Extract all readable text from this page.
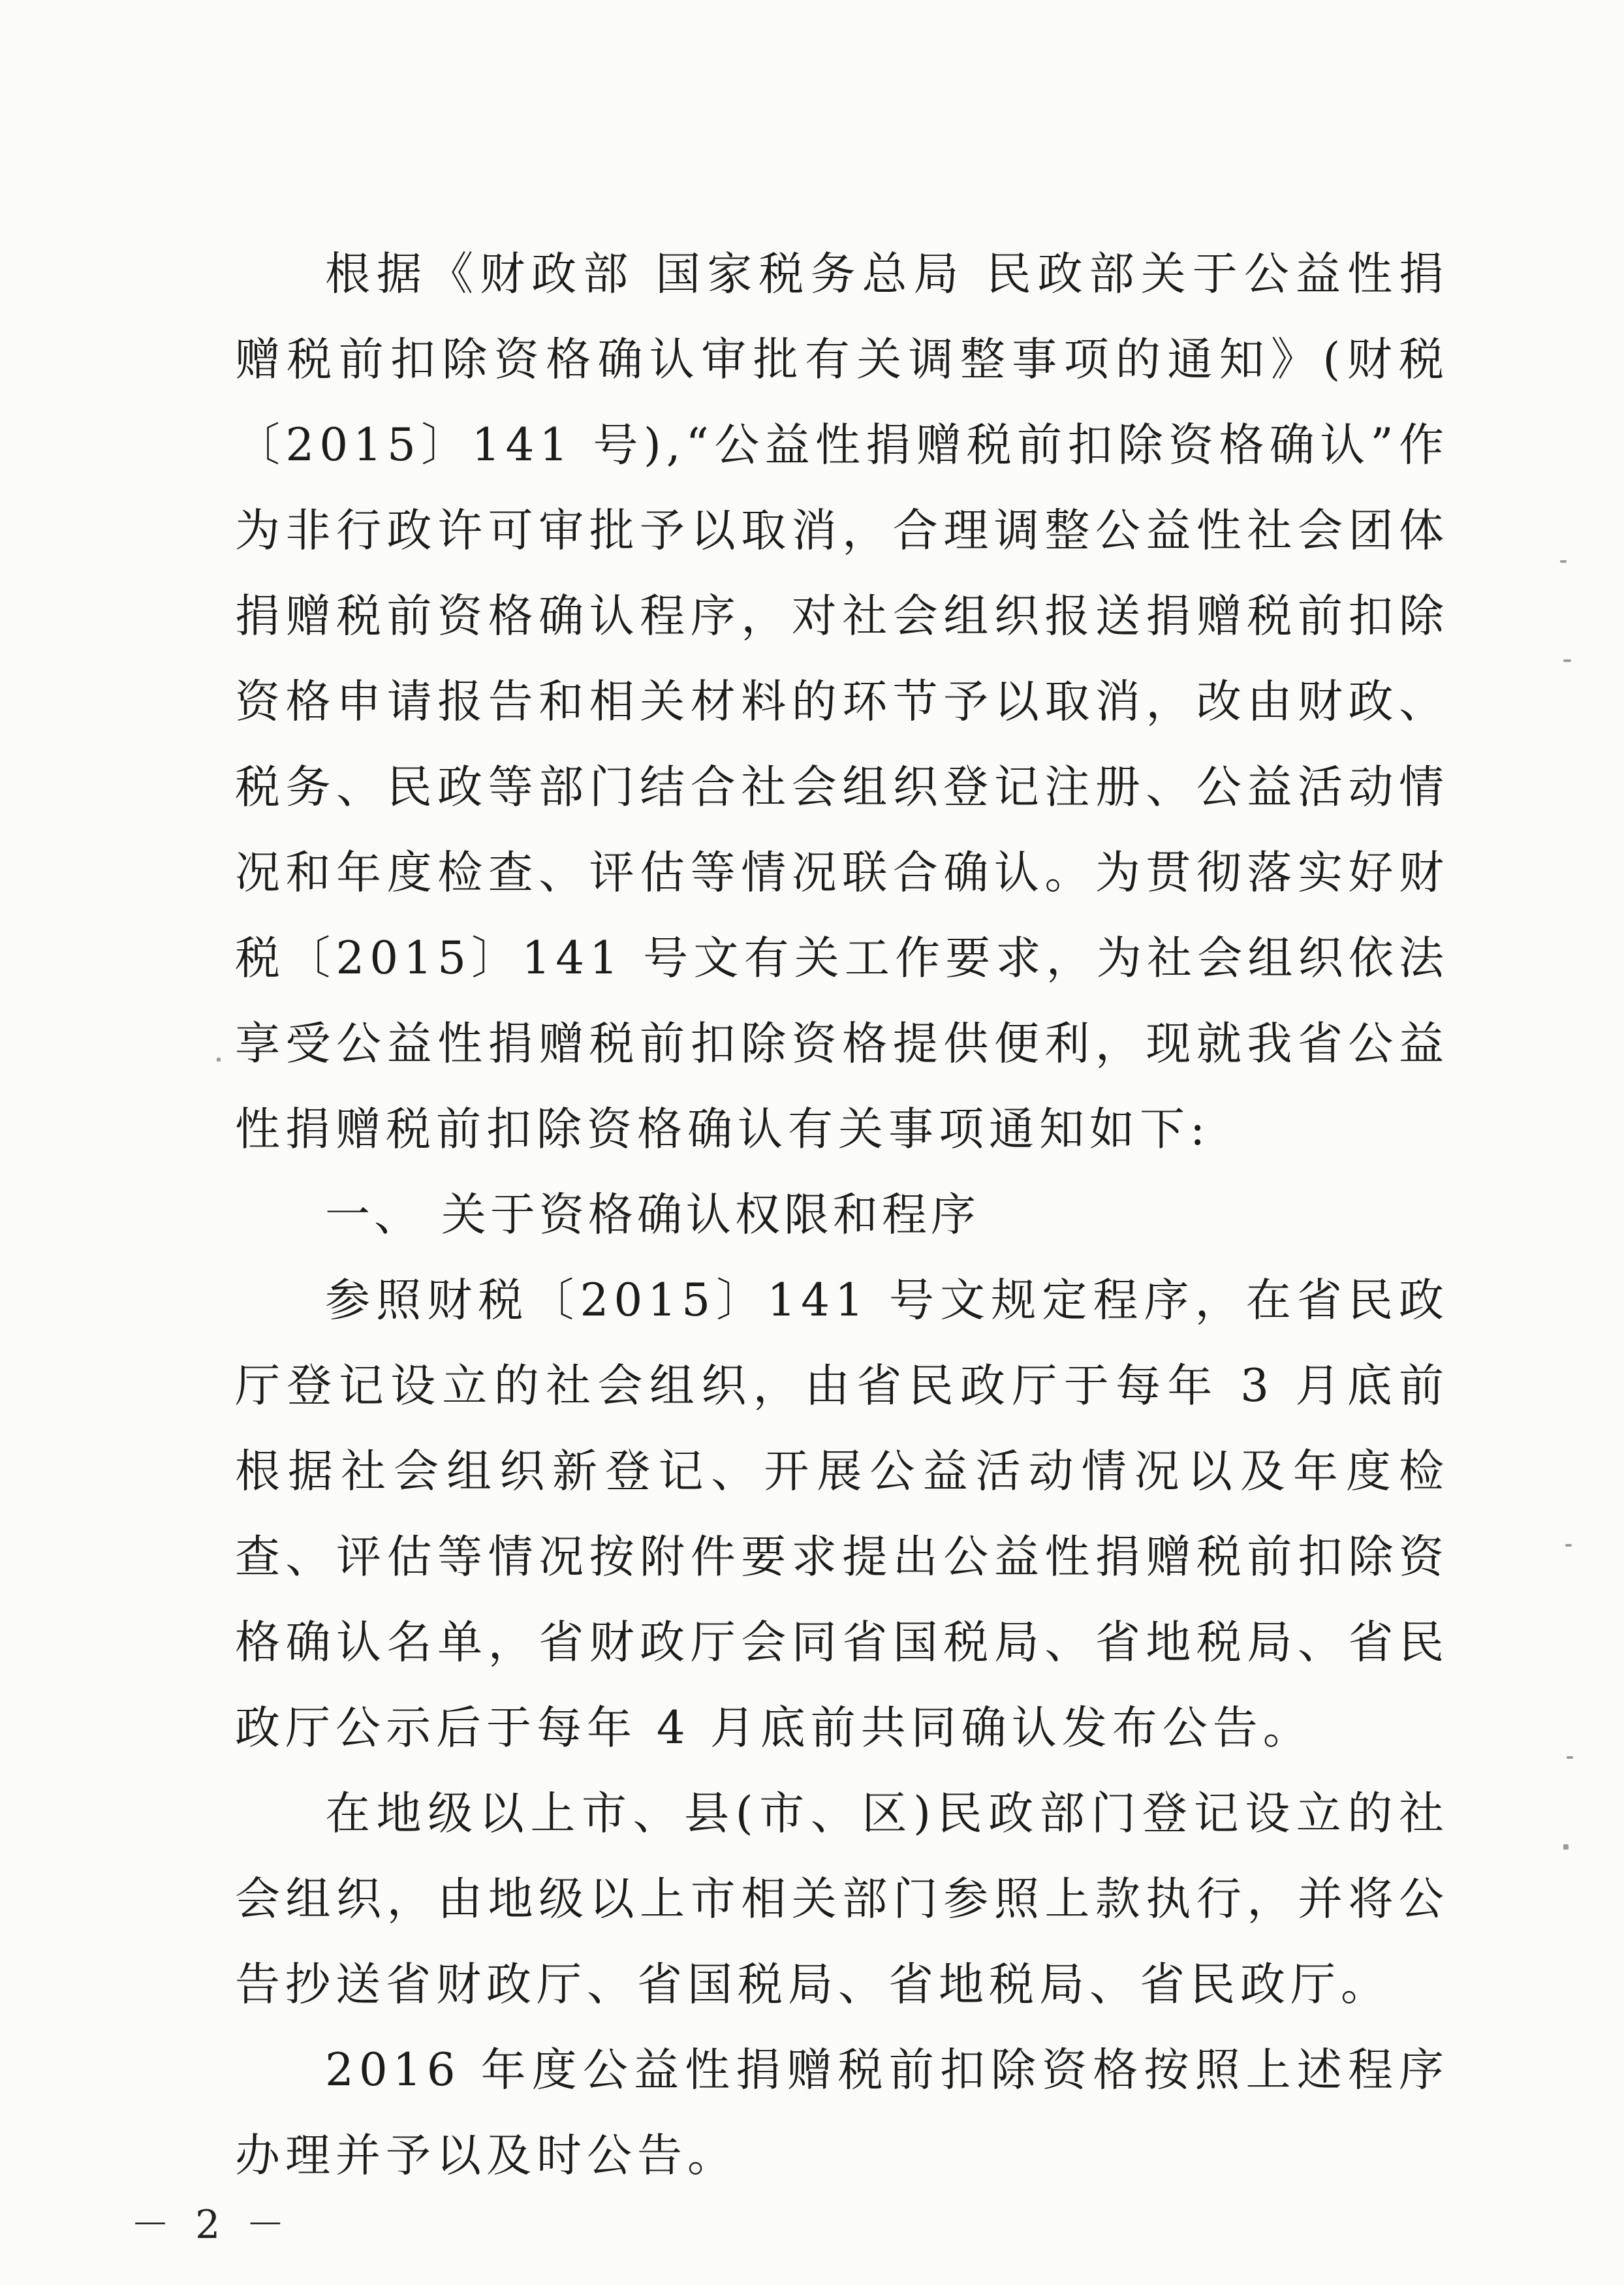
根据《财政部 国家税务总局 民政部关于公益性捐赠税前扣除资格确认审批有关调整事项的通知》(财税〔2015〕141 号),“公益性捐赠税前扣除资格确认”作为非行政许可审批予以取消，合理调整公益性社会团体捐赠税前资格确认程序，对社会组织报送捐赠税前扣除资格申请报告和相关材料的环节予以取消，改由财政、税务、民政等部门结合社会组织登记注册、公益活动情况和年度检查、评估等情况联合确认。为贯彻落实好财税〔2015〕141 号文有关工作要求，为社会组织依法享受公益性捐赠税前扣除资格提供便利，现就我省公益性捐赠税前扣除资格确认有关事项通知如下:

一、 关于资格确认权限和程序

参照财税〔2015〕141 号文规定程序，在省民政厅登记设立的社会组织，由省民政厅于每年 3 月底前根据社会组织新登记、开展公益活动情况以及年度检查、评估等情况按附件要求提出公益性捐赠税前扣除资格确认名单，省财政厅会同省国税局、省地税局、省民政厅公示后于每年 4 月底前共同确认发布公告。

在地级以上市、县(市、区)民政部门登记设立的社会组织，由地级以上市相关部门参照上款执行，并将公告抄送省财政厅、省国税局、省地税局、省民政厅。

2016 年度公益性捐赠税前扣除资格按照上述程序办理并予以及时公告。

－ 2 －
